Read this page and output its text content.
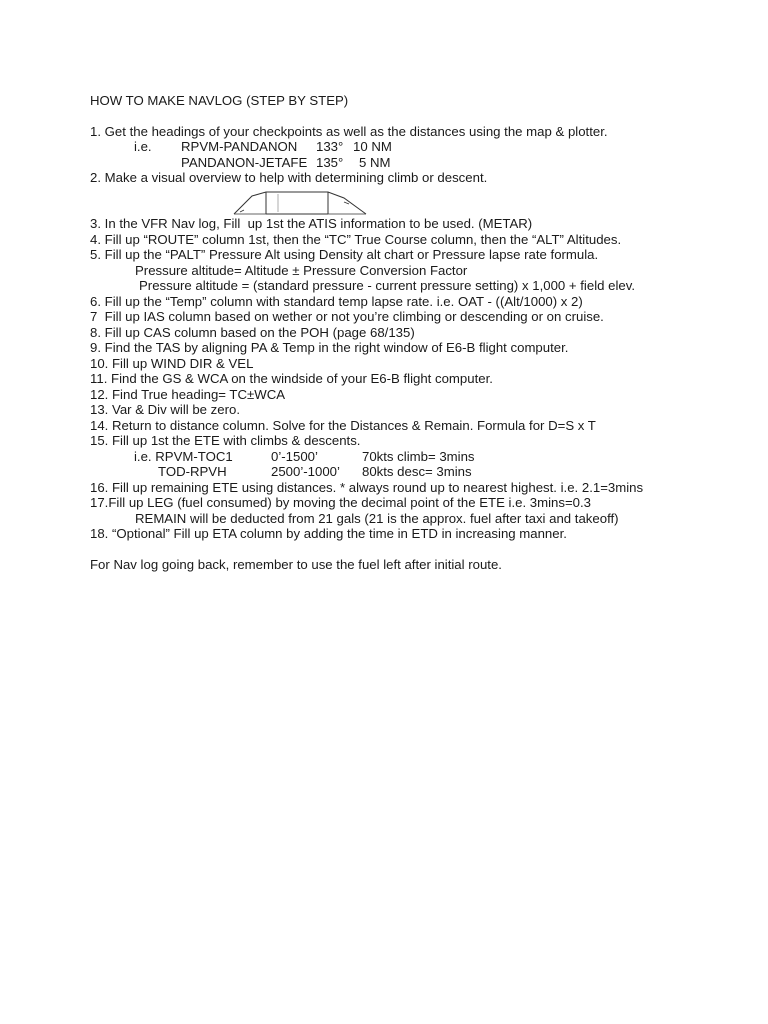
HOW TO MAKE NAVLOG (STEP BY STEP)
1. Get the headings of your checkpoints as well as the distances using the map & plotter.
i.e. RPVM-PANDANON 133° 10 NM
PANDANON-JETAFE 135° 5 NM
2. Make a visual overview to help with determining climb or descent.
3. In the VFR Nav log, Fill  up 1st the ATIS information to be used. (METAR)
4. Fill up “ROUTE” column 1st, then the “TC” True Course column, then the “ALT” Altitudes.
5. Fill up the “PALT” Pressure Alt using Density alt chart or Pressure lapse rate formula.
Pressure altitude= Altitude ± Pressure Conversion Factor
Pressure altitude = (standard pressure - current pressure setting) x 1,000 + field elev.
6. Fill up the “Temp” column with standard temp lapse rate. i.e. OAT - ((Alt/1000) x 2)
7  Fill up IAS column based on wether or not you’re climbing or descending or on cruise.
8. Fill up CAS column based on the POH (page 68/135)
9. Find the TAS by aligning PA & Temp in the right window of E6-B flight computer.
10. Fill up WIND DIR & VEL
11. Find the GS & WCA on the windside of your E6-B flight computer.
12. Find True heading= TC±WCA
13. Var & Div will be zero.
14. Return to distance column. Solve for the Distances & Remain. Formula for D=S x T
15. Fill up 1st the ETE with climbs & descents.
i.e. RPVM-TOC1	0’-1500’	70kts climb= 3mins
TOD-RPVH	2500’-1000’ 80kts desc= 3mins
16. Fill up remaining ETE using distances. * always round up to nearest highest. i.e. 2.1=3mins
17.Fill up LEG (fuel consumed) by moving the decimal point of the ETE i.e. 3mins=0.3
REMAIN will be deducted from 21 gals (21 is the approx. fuel after taxi and takeoff)
18. “Optional” Fill up ETA column by adding the time in ETD in increasing manner.
For Nav log going back, remember to use the fuel left after initial route.
